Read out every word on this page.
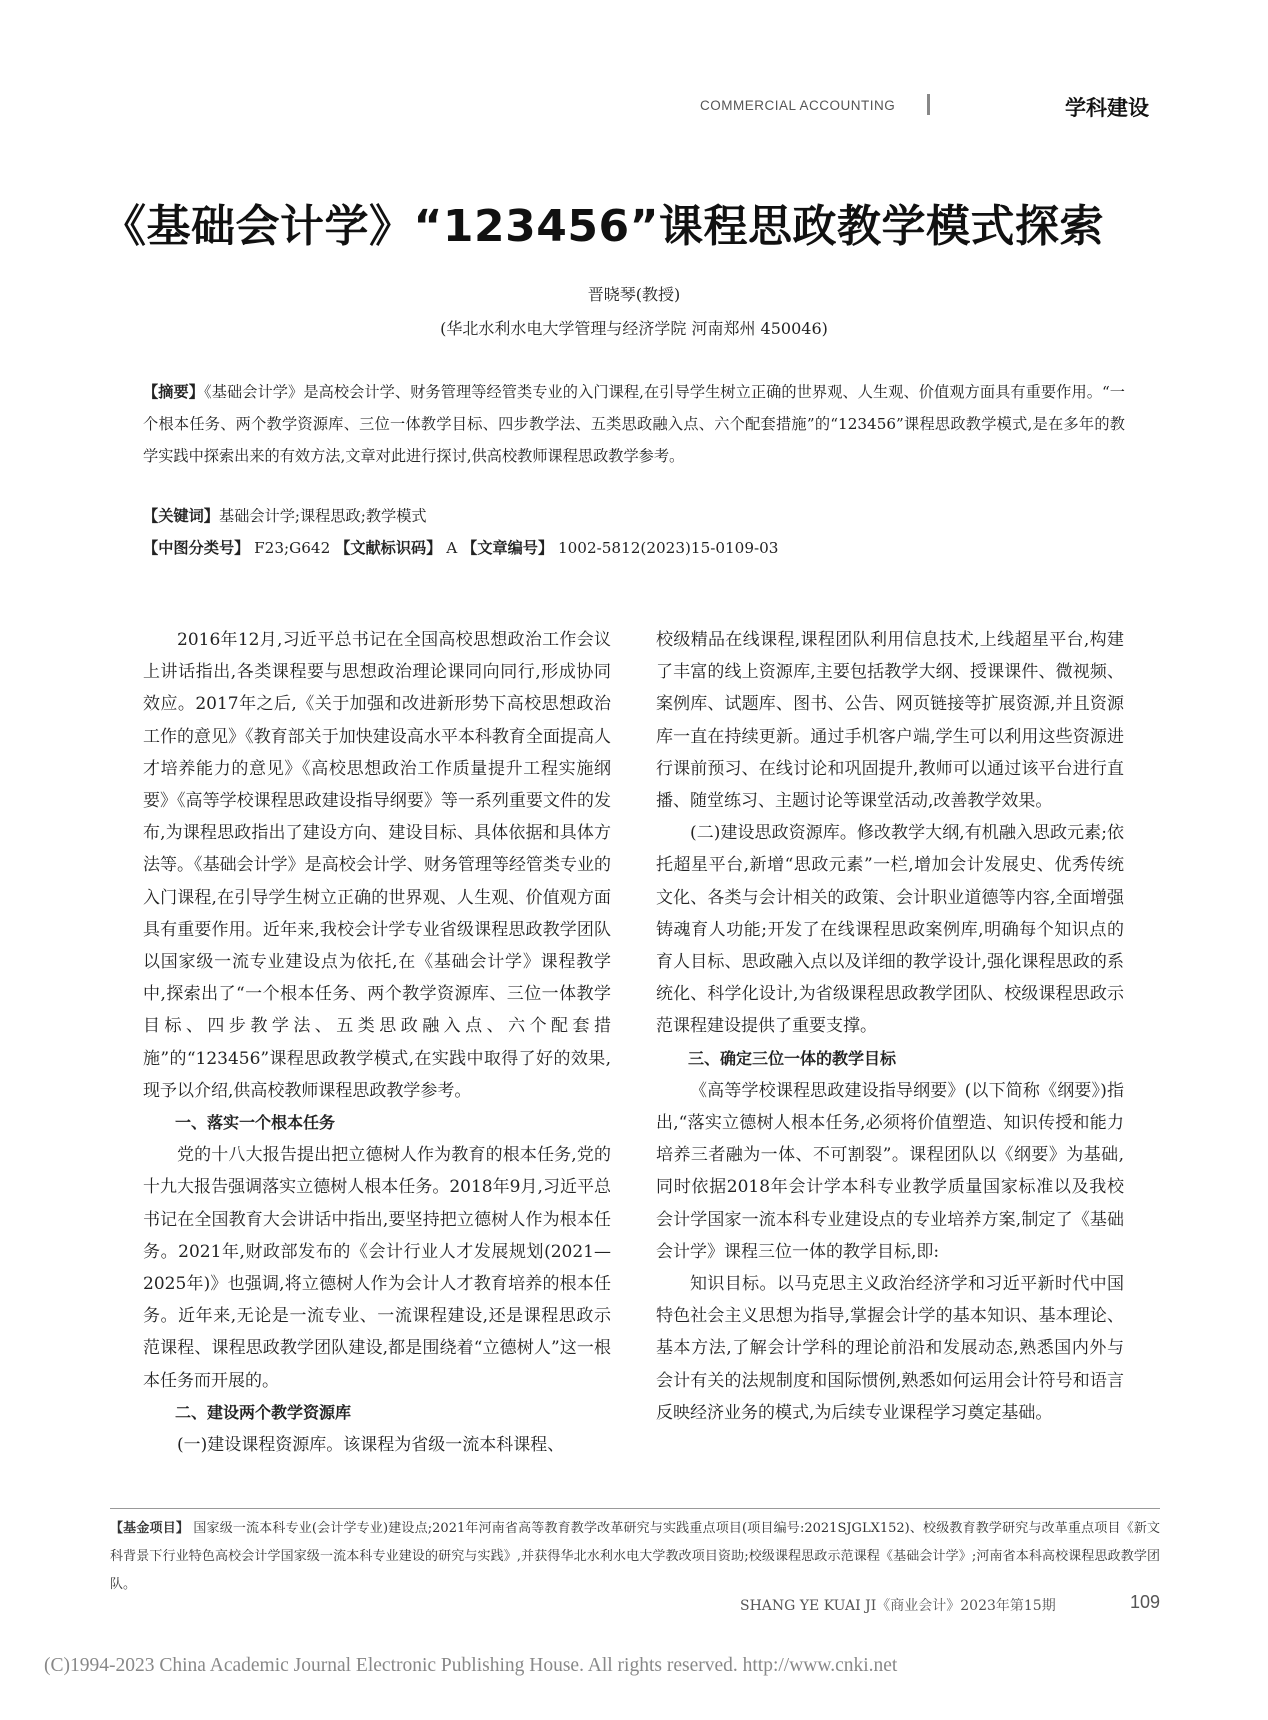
COMMERCIAL ACCOUNTING	学科建设
《基础会计学》“123456”课程思政教学模式探索
晋晓琴(教授)
(华北水利水电大学管理与经济学院 河南郑州 450046)
【摘要】《基础会计学》是高校会计学、财务管理等经管类专业的入门课程,在引导学生树立正确的世界观、人生观、价值观方面具有重要作用。“一个根本任务、两个教学资源库、三位一体教学目标、四步教学法、五类思政融入点、六个配套措施”的“123456”课程思政教学模式,是在多年的教学实践中探索出来的有效方法,文章对此进行探讨,供高校教师课程思政教学参考。
【关键词】基础会计学;课程思政;教学模式
【中图分类号】 F23;G642 【文献标识码】 A 【文章编号】 1002-5812(2023)15-0109-03

2016年12月,习近平总书记在全国高校思想政治工作会议上讲话指出,各类课程要与思想政治理论课同向同行,形成协同效应。2017年之后,《关于加强和改进新形势下高校思想政治工作的意见》《教育部关于加快建设高水平本科教育全面提高人才培养能力的意见》《高校思想政治工作质量提升工程实施纲要》《高等学校课程思政建设指导纲要》等一系列重要文件的发布,为课程思政指出了建设方向、建设目标、具体依据和具体方法等。《基础会计学》是高校会计学、财务管理等经管类专业的入门课程,在引导学生树立正确的世界观、人生观、价值观方面具有重要作用。近年来,我校会计学专业省级课程思政教学团队以国家级一流专业建设点为依托,在《基础会计学》课程教学中,探索出了“一个根本任务、两个教学资源库、三位一体教学目标、四步教学法、五类思政融入点、六个配套措施”的“123456”课程思政教学模式,在实践中取得了好的效果,现予以介绍,供高校教师课程思政教学参考。

一、落实一个根本任务

党的十八大报告提出把立德树人作为教育的根本任务,党的十九大报告强调落实立德树人根本任务。2018年9月,习近平总书记在全国教育大会讲话中指出,要坚持把立德树人作为根本任务。2021年,财政部发布的《会计行业人才发展规划(2021—2025年)》也强调,将立德树人作为会计人才教育培养的根本任务。近年来,无论是一流专业、一流课程建设,还是课程思政示范课程、课程思政教学团队建设,都是围绕着“立德树人”这一根本任务而开展的。

二、建设两个教学资源库

(一)建设课程资源库。该课程为省级一流本科课程、

校级精品在线课程,课程团队利用信息技术,上线超星平台,构建了丰富的线上资源库,主要包括教学大纲、授课课件、微视频、案例库、试题库、图书、公告、网页链接等扩展资源,并且资源库一直在持续更新。通过手机客户端,学生可以利用这些资源进行课前预习、在线讨论和巩固提升,教师可以通过该平台进行直播、随堂练习、主题讨论等课堂活动,改善教学效果。

(二)建设思政资源库。修改教学大纲,有机融入思政元素;依托超星平台,新增“思政元素”一栏,增加会计发展史、优秀传统文化、各类与会计相关的政策、会计职业道德等内容,全面增强铸魂育人功能;开发了在线课程思政案例库,明确每个知识点的育人目标、思政融入点以及详细的教学设计,强化课程思政的系统化、科学化设计,为省级课程思政教学团队、校级课程思政示范课程建设提供了重要支撑。

三、确定三位一体的教学目标

《高等学校课程思政建设指导纲要》(以下简称《纲要》)指出,“落实立德树人根本任务,必须将价值塑造、知识传授和能力培养三者融为一体、不可割裂”。课程团队以《纲要》为基础,同时依据2018年会计学本科专业教学质量国家标准以及我校会计学国家一流本科专业建设点的专业培养方案,制定了《基础会计学》课程三位一体的教学目标,即:

知识目标。以马克思主义政治经济学和习近平新时代中国特色社会主义思想为指导,掌握会计学的基本知识、基本理论、基本方法,了解会计学科的理论前沿和发展动态,熟悉国内外与会计有关的法规制度和国际惯例,熟悉如何运用会计符号和语言反映经济业务的模式,为后续专业课程学习奠定基础。

【基金项目】 国家级一流本科专业(会计学专业)建设点;2021年河南省高等教育教学改革研究与实践重点项目(项目编号:2021SJGLX152)、校级教育教学研究与改革重点项目《新文科背景下行业特色高校会计学国家级一流本科专业建设的研究与实践》,并获得华北水利水电大学教改项目资助;校级课程思政示范课程《基础会计学》;河南省本科高校课程思政教学团队。
SHANG YE KUAI JI《商业会计》2023年第15期	109
(C)1994-2023 China Academic Journal Electronic Publishing House. All rights reserved. http://www.cnki.net
